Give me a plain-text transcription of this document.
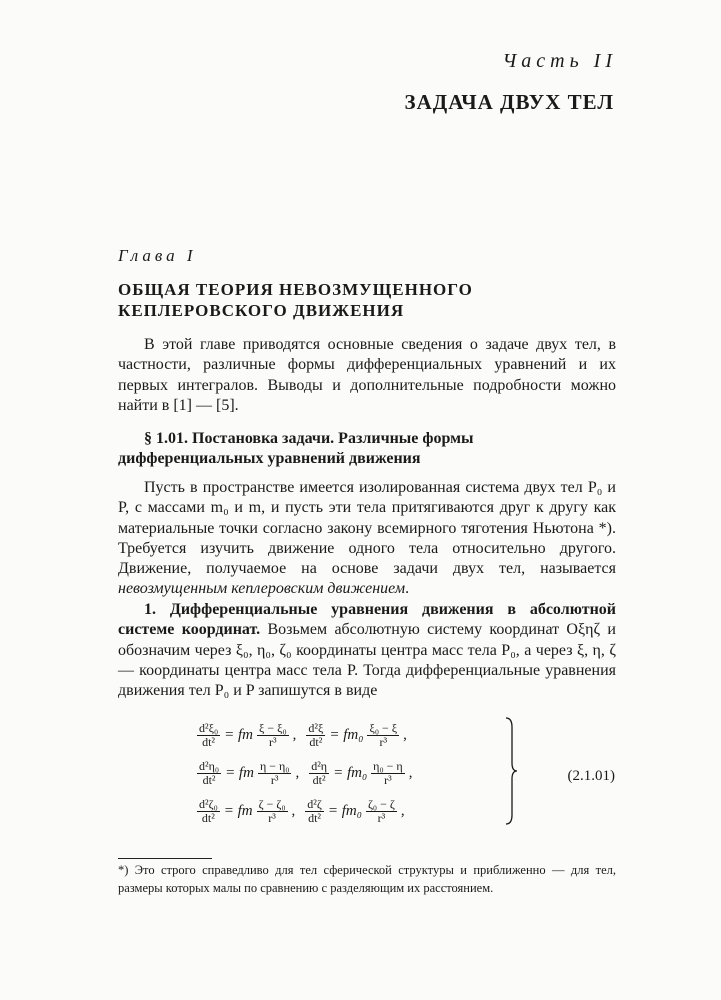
Часть II
ЗАДАЧА ДВУХ ТЕЛ
Глава I
ОБЩАЯ ТЕОРИЯ НЕВОЗМУЩЕННОГО
КЕПЛЕРОВСКОГО ДВИЖЕНИЯ
В этой главе приводятся основные сведения о задаче двух тел, в частности, различные формы дифференциальных уравнений и их первых интегралов. Выводы и дополнительные подробности можно найти в [1] — [5].
§ 1.01. Постановка задачи. Различные формы
дифференциальных уравнений движения
Пусть в пространстве имеется изолированная система двух тел P₀ и P, с массами m₀ и m, и пусть эти тела притягиваются друг к другу как материальные точки согласно закону всемирного тяготения Ньютона *). Требуется изучить движение одного тела относительно другого. Движение, получаемое на основе задачи двух тел, называется невозмущенным кеплеровским движением.
1. Дифференциальные уравнения движения в абсолютной системе координат. Возьмем абсолютную систему координат Oξηζ и обозначим через ξ₀, η₀, ζ₀ координаты центра масс тела P₀, а через ξ, η, ζ — координаты центра масс тела P. Тогда дифференциальные уравнения движения тел P₀ и P запишутся в виде
$\frac{\text{d²ξ₀}}{\text{dt²}}$ = fm $\frac{\text{ξ − ξ₀}}{\text{r³}}$ , $\frac{\text{d²ξ}}{\text{dt²}} = fm_0 \frac{\text{ξ₀ − ξ}}{\text{r³}}$ ,
$\frac{\text{d²η₀}}{\text{dt²}}$ = fm $\frac{\text{η − η₀}}{\text{r³}}$ , $\frac{\text{d²η}}{\text{dt²}} = fm_0 \frac{\text{η₀ − η}}{\text{r³}}$ ,
$\frac{\text{d²ζ₀}}{\text{dt²}}$ = fm $\frac{\text{ζ − ζ₀}}{\text{r³}}$ , $\frac{\text{d²ζ}}{\text{dt²}} = fm_0 \frac{\text{ζ₀ − ζ}}{\text{r³}}$ ,
(2.1.01)
*) Это строго справедливо для тел сферической структуры и приближенно — для тел, размеры которых малы по сравнению с разделяющим их расстоянием.
